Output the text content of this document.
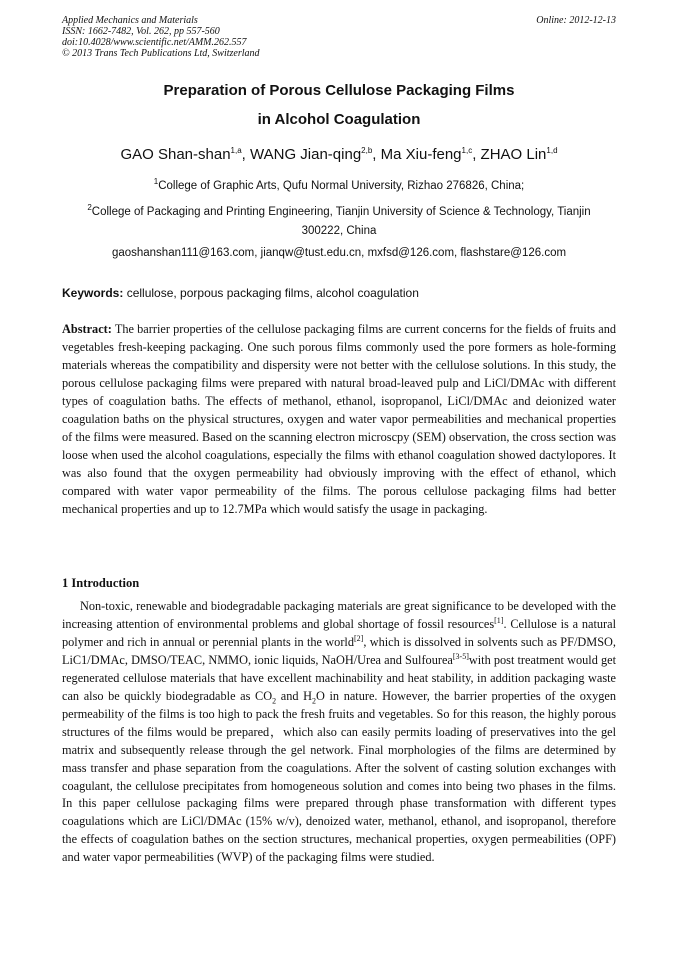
Applied Mechanics and Materials
ISSN: 1662-7482, Vol. 262, pp 557-560
doi:10.4028/www.scientific.net/AMM.262.557
© 2013 Trans Tech Publications Ltd, Switzerland
Online: 2012-12-13
Preparation of Porous Cellulose Packaging Films
in Alcohol Coagulation
GAO Shan-shan$^{1,a}$, WANG Jian-qing$^{2,b}$, Ma Xiu-feng$^{1,c}$, ZHAO Lin$^{1,d}$
$^1$College of Graphic Arts, Qufu Normal University, Rizhao 276826, China;
$^2$College of Packaging and Printing Engineering, Tianjin University of Science & Technology, Tianjin
300222, China
gaoshanshan111@163.com, jianqw@tust.edu.cn, mxfsd@126.com, flashstare@126.com
Keywords: cellulose, porpous packaging films, alcohol coagulation
Abstract: The barrier properties of the cellulose packaging films are current concerns for the fields of fruits and vegetables fresh-keeping packaging. One such porous films commonly used the pore formers as hole-forming materials whereas the compatibility and dispersity were not better with the cellulose solutions. In this study, the porous cellulose packaging films were prepared with natural broad-leaved pulp and LiCl/DMAc with different types of coagulation baths. The effects of methanol, ethanol, isopropanol, LiCl/DMAc and deionized water coagulation baths on the physical structures, oxygen and water vapor permeabilities and mechanical properties of the films were measured. Based on the scanning electron microscpy (SEM) observation, the cross section was loose when used the alcohol coagulations, especially the films with ethanol coagulation showed dactylopores. It was also found that the oxygen permeability had obviously improving with the effect of ethanol, which compared with water vapor permeability of the films. The porous cellulose packaging films had better mechanical properties and up to 12.7MPa which would satisfy the usage in packaging.
1 Introduction
Non-toxic, renewable and biodegradable packaging materials are great significance to be developed with the increasing attention of environmental problems and global shortage of fossil resources[1]. Cellulose is a natural polymer and rich in annual or perennial plants in the world[2], which is dissolved in solvents such as PF/DMSO, LiC1/DMAc, DMSO/TEAC, NMMO, ionic liquids, NaOH/Urea and Sulfourea[3-5]with post treatment would get regenerated cellulose materials that have excellent machinability and heat stability, in addition packaging waste can also be quickly biodegradable as $CO_2$ and $H_2O$ in nature. However, the barrier properties of the oxygen permeability of the films is too high to pack the fresh fruits and vegetables. So for this reason, the highly porous structures of the films would be prepared，which also can easily permits loading of preservatives into the gel matrix and subsequently release through the gel network. Final morphologies of the films are determined by mass transfer and phase separation from the coagulations. After the solvent of casting solution exchanges with coagulant, the cellulose precipitates from homogeneous solution and comes into being two phases in the films. In this paper cellulose packaging films were prepared through phase transformation with different types coagulations which are LiCl/DMAc (15% w/v), denoized water, methanol, ethanol, and isopropanol, therefore the effects of coagulation bathes on the section structures, mechanical properties, oxygen permeabilities (OPF) and water vapor permeabilities (WVP) of the packaging films were studied.
